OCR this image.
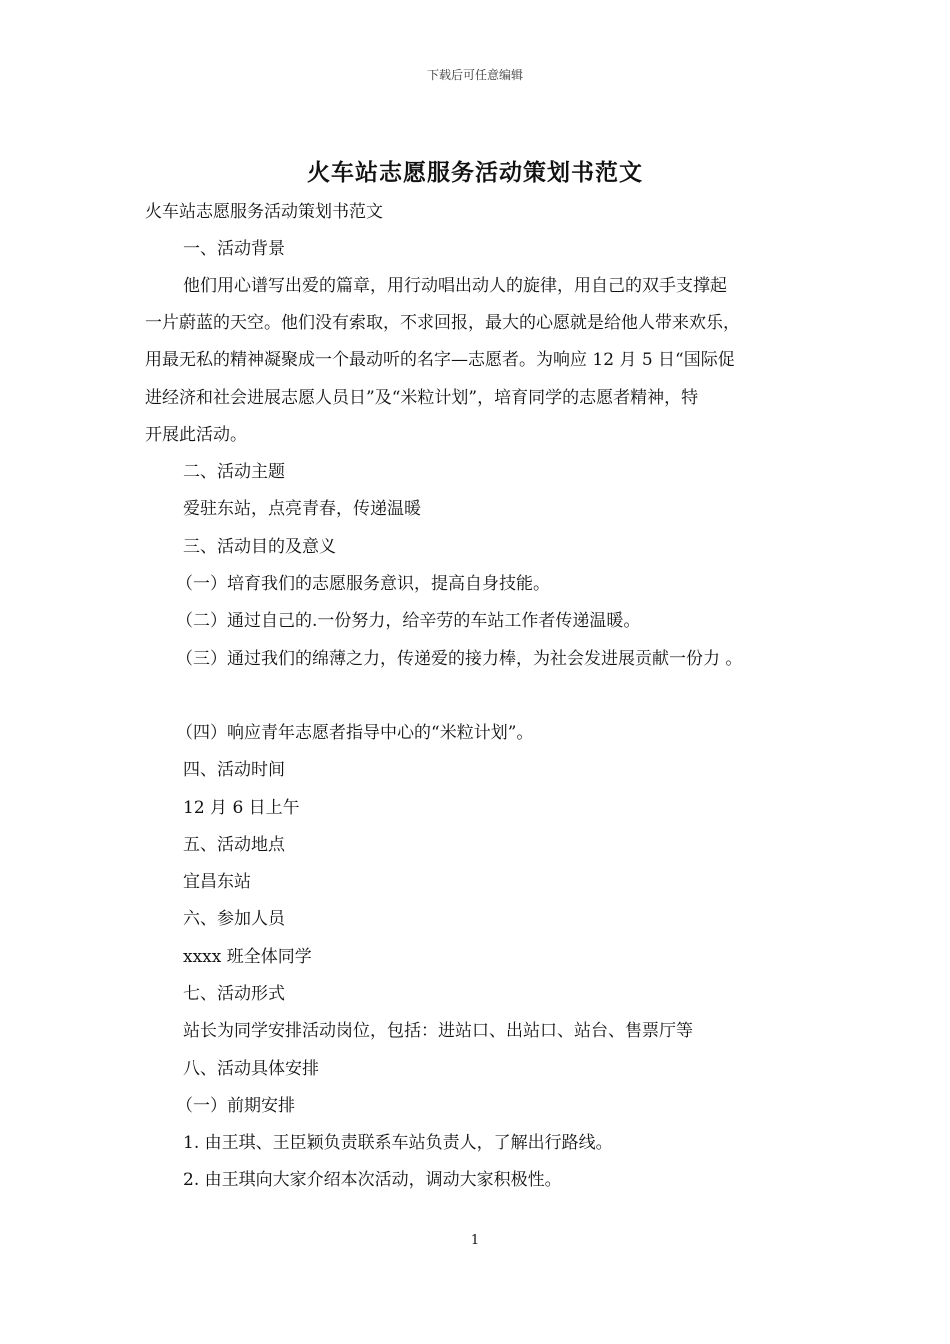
下载后可任意编辑
火车站志愿服务活动策划书范文
火车站志愿服务活动策划书范文
一、活动背景
他们用心谱写出爱的篇章，用行动唱出动人的旋律，用自己的双手支撑起
一片蔚蓝的天空。他们没有索取，不求回报，最大的心愿就是给他人带来欢乐，
用最无私的精神凝聚成一个最动听的名字—志愿者。为响应 12 月 5 日“国际促
进经济和社会进展志愿人员日”及“米粒计划”，培育同学的志愿者精神，特
开展此活动。
二、活动主题
爱驻东站，点亮青春，传递温暖
三、活动目的及意义
（一）培育我们的志愿服务意识，提高自身技能。
（二）通过自己的.一份努力，给辛劳的车站工作者传递温暖。
（三）通过我们的绵薄之力，传递爱的接力棒，为社会发进展贡献一份力 。
（四）响应青年志愿者指导中心的“米粒计划”。
四、活动时间
12 月 6 日上午
五、活动地点
宜昌东站
六、参加人员
xxxx 班全体同学
七、活动形式
站长为同学安排活动岗位，包括：进站口、出站口、站台、售票厅等
八、活动具体安排
（一）前期安排
1. 由王琪、王臣颖负责联系车站负责人，了解出行路线。
2. 由王琪向大家介绍本次活动，调动大家积极性。
1
